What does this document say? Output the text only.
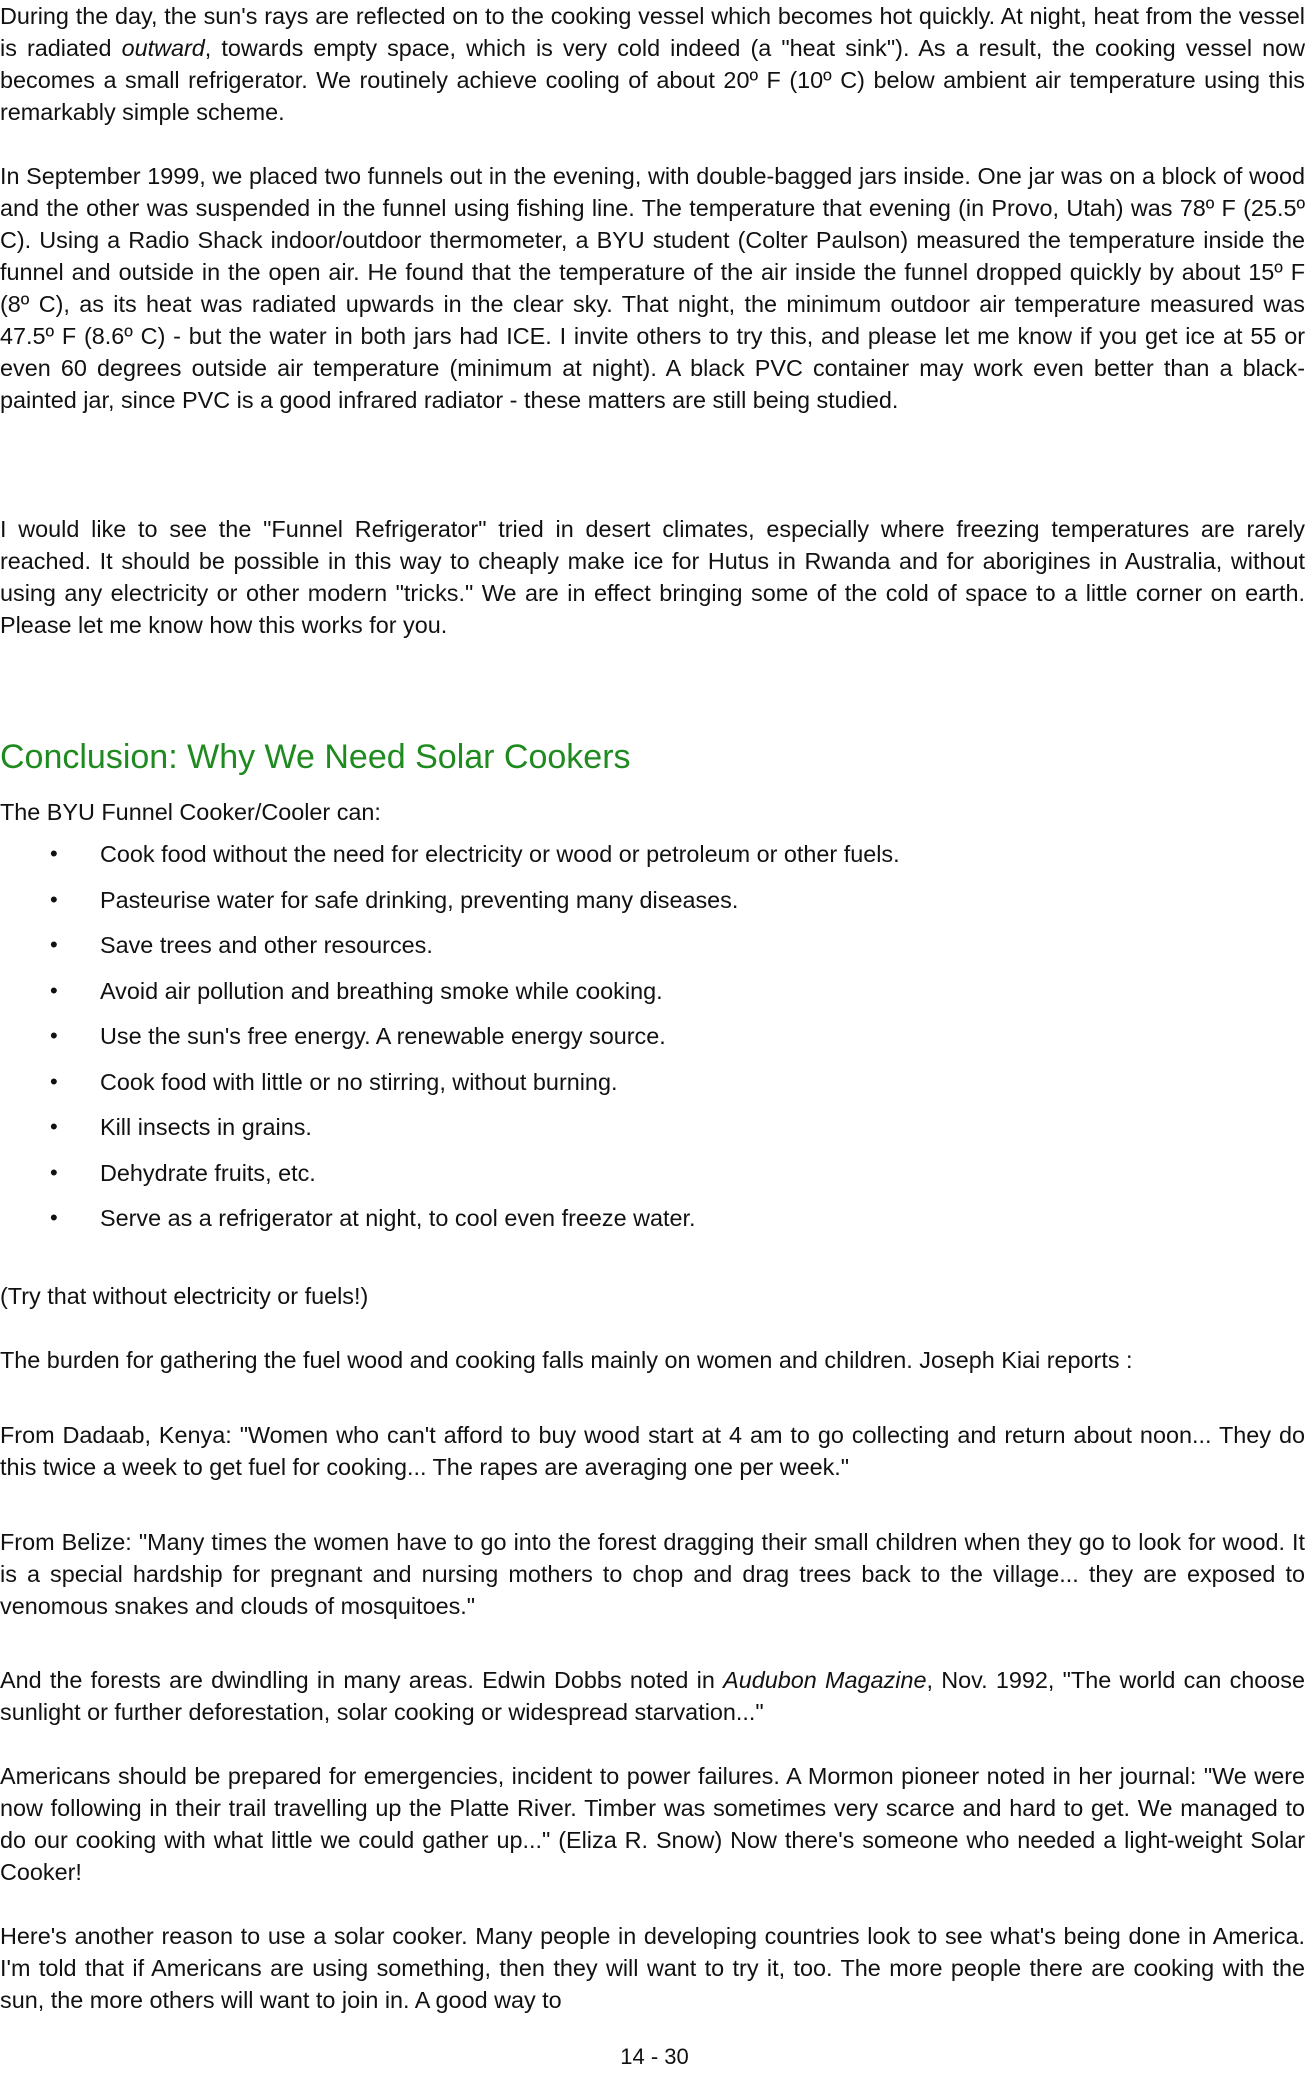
During the day, the sun's rays are reflected on to the cooking vessel which becomes hot quickly. At night, heat from the vessel is radiated outward, towards empty space, which is very cold indeed (a "heat sink"). As a result, the cooking vessel now becomes a small refrigerator. We routinely achieve cooling of about 20º F (10º C) below ambient air temperature using this remarkably simple scheme.

In September 1999, we placed two funnels out in the evening, with double-bagged jars inside. One jar was on a block of wood and the other was suspended in the funnel using fishing line. The temperature that evening (in Provo, Utah) was 78º F (25.5º C). Using a Radio Shack indoor/outdoor thermometer, a BYU student (Colter Paulson) measured the temperature inside the funnel and outside in the open air. He found that the temperature of the air inside the funnel dropped quickly by about 15º F (8º C), as its heat was radiated upwards in the clear sky. That night, the minimum outdoor air temperature measured was 47.5º F (8.6º C) - but the water in both jars had ICE. I invite others to try this, and please let me know if you get ice at 55 or even 60 degrees outside air temperature (minimum at night). A black PVC container may work even better than a black-painted jar, since PVC is a good infrared radiator - these matters are still being studied.

I would like to see the "Funnel Refrigerator" tried in desert climates, especially where freezing temperatures are rarely reached. It should be possible in this way to cheaply make ice for Hutus in Rwanda and for aborigines in Australia, without using any electricity or other modern "tricks." We are in effect bringing some of the cold of space to a little corner on earth. Please let me know how this works for you.

Conclusion: Why We Need Solar Cookers

The BYU Funnel Cooker/Cooler can:

•	Cook food without the need for electricity or wood or petroleum or other fuels.
•	Pasteurise water for safe drinking, preventing many diseases.
•	Save trees and other resources.
•	Avoid air pollution and breathing smoke while cooking.
•	Use the sun's free energy. A renewable energy source.
•	Cook food with little or no stirring, without burning.
•	Kill insects in grains.
•	Dehydrate fruits, etc.
•	Serve as a refrigerator at night, to cool even freeze water.

(Try that without electricity or fuels!)

The burden for gathering the fuel wood and cooking falls mainly on women and children. Joseph Kiai reports :

From Dadaab, Kenya: "Women who can't afford to buy wood start at 4 am to go collecting and return about noon... They do this twice a week to get fuel for cooking... The rapes are averaging one per week."

From Belize: "Many times the women have to go into the forest dragging their small children when they go to look for wood. It is a special hardship for pregnant and nursing mothers to chop and drag trees back to the village... they are exposed to venomous snakes and clouds of mosquitoes."

And the forests are dwindling in many areas. Edwin Dobbs noted in Audubon Magazine, Nov. 1992, "The world can choose sunlight or further deforestation, solar cooking or widespread starvation..."

Americans should be prepared for emergencies, incident to power failures. A Mormon pioneer noted in her journal: "We were now following in their trail travelling up the Platte River. Timber was sometimes very scarce and hard to get. We managed to do our cooking with what little we could gather up..." (Eliza R. Snow) Now there's someone who needed a light-weight Solar Cooker!

Here's another reason to use a solar cooker. Many people in developing countries look to see what's being done in America. I'm told that if Americans are using something, then they will want to try it, too. The more people there are cooking with the sun, the more others will want to join in. A good way to

14 - 30
